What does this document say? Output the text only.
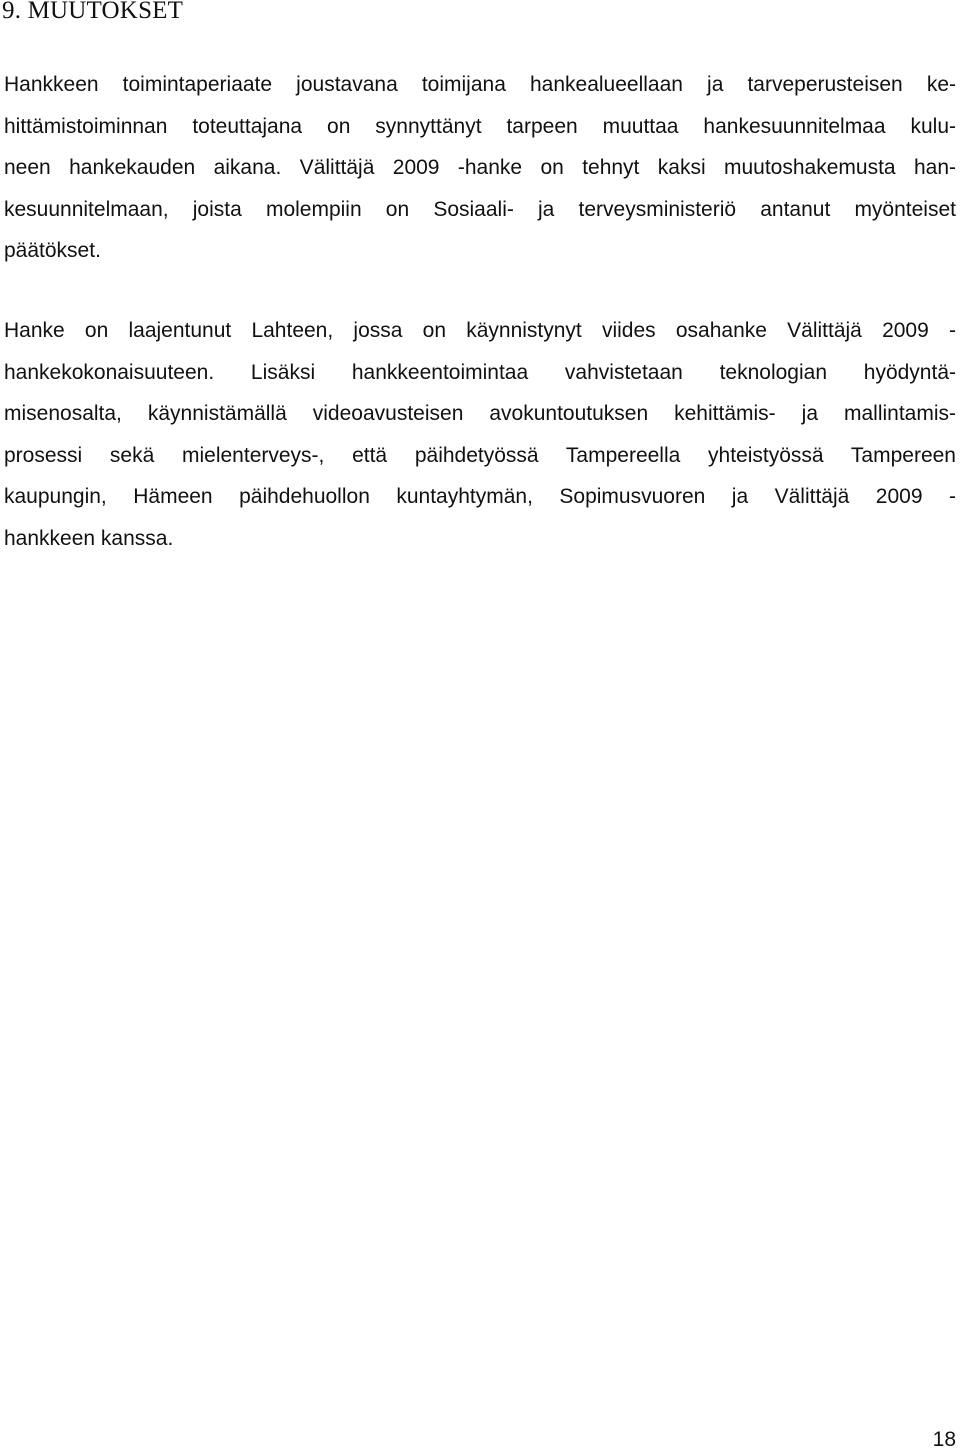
9. MUUTOKSET

Hankkeen toimintaperiaate joustavana toimijana hankealueellaan ja tarveperusteisen ke-
hittämistoiminnan toteuttajana on synnyttänyt tarpeen muuttaa hankesuunnitelmaa kulu-
neen hankekauden aikana. Välittäjä 2009 -hanke on tehnyt kaksi muutoshakemusta han-
kesuunnitelmaan, joista molempiin on Sosiaali- ja terveysministeriö antanut myönteiset
päätökset.

Hanke on laajentunut Lahteen, jossa on käynnistynyt viides osahanke Välittäjä 2009 -
hankekokonaisuuteen. Lisäksi hankkeentoimintaa vahvistetaan teknologian hyödyntä-
misenosalta, käynnistämällä videoavusteisen avokuntoutuksen kehittämis- ja mallintamis-
prosessi sekä mielenterveys-, että päihdetyössä Tampereella yhteistyössä Tampereen
kaupungin, Hämeen päihdehuollon kuntayhtymän, Sopimusvuoren ja Välittäjä 2009 -
hankkeen kanssa.

18
